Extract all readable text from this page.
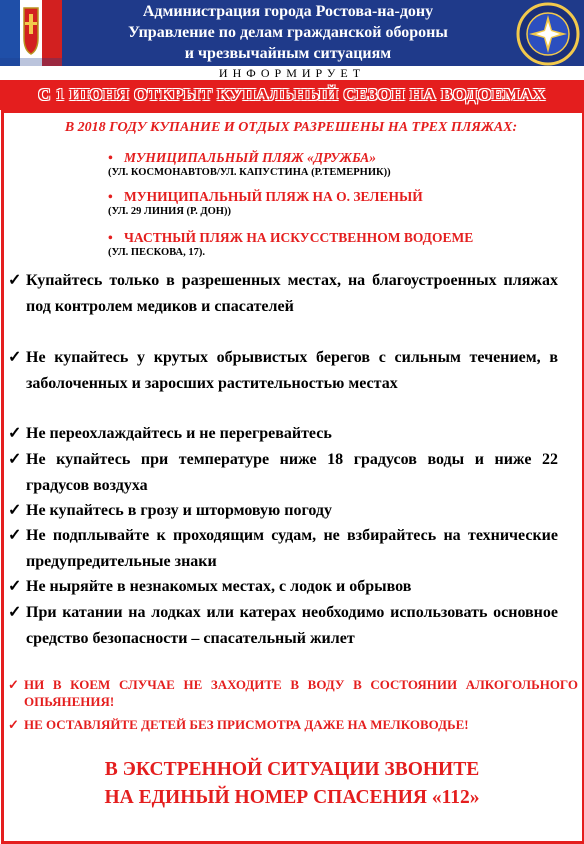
Администрация города Ростова-на-дону
Управление по делам гражданской обороны
и чрезвычайным ситуациям
ИНФОРМИРУЕТ
С 1 ИЮНЯ ОТКРЫТ КУПАЛЬНЫЙ СЕЗОН НА ВОДОЕМАХ
В 2018 ГОДУ КУПАНИЕ И ОТДЫХ РАЗРЕШЕНЫ НА ТРЕХ ПЛЯЖАХ:
• МУНИЦИПАЛЬНЫЙ ПЛЯЖ «ДРУЖБА»
(УЛ. КОСМОНАВТОВ/УЛ. КАПУСТИНА (Р.ТЕМЕРНИК))
• МУНИЦИПАЛЬНЫЙ ПЛЯЖ НА О. ЗЕЛЕНЫЙ
(УЛ. 29 ЛИНИЯ (Р. ДОН))
• ЧАСТНЫЙ ПЛЯЖ НА ИСКУССТВЕННОМ ВОДОЕМЕ
(УЛ. ПЕСКОВА, 17).
✓ Купайтесь только в разрешенных местах, на благоустроенных пляжах под контролем медиков и спасателей
✓ Не купайтесь у крутых обрывистых берегов с сильным течением, в заболоченных и заросших растительностью местах
✓ Не переохлаждайтесь и не перегревайтесь
✓ Не купайтесь при температуре ниже 18 градусов воды и ниже 22 градусов воздуха
✓ Не купайтесь в грозу и штормовую погоду
✓ Не подплывайте к проходящим судам, не взбирайтесь на технические предупредительные знаки
✓ Не ныряйте в незнакомых местах, с лодок и обрывов
✓ При катании на лодках или катерах необходимо использовать основное средство безопасности – спасательный жилет
✓ НИ В КОЕМ СЛУЧАЕ НЕ ЗАХОДИТЕ В ВОДУ В СОСТОЯНИИ АЛКОГОЛЬНОГО ОПЬЯНЕНИЯ!
✓ НЕ ОСТАВЛЯЙТЕ ДЕТЕЙ БЕЗ ПРИСМОТРА ДАЖЕ НА МЕЛКОВОДЬЕ!
В ЭКСТРЕННОЙ СИТУАЦИИ ЗВОНИТЕ
НА ЕДИНЫЙ НОМЕР СПАСЕНИЯ «112»
